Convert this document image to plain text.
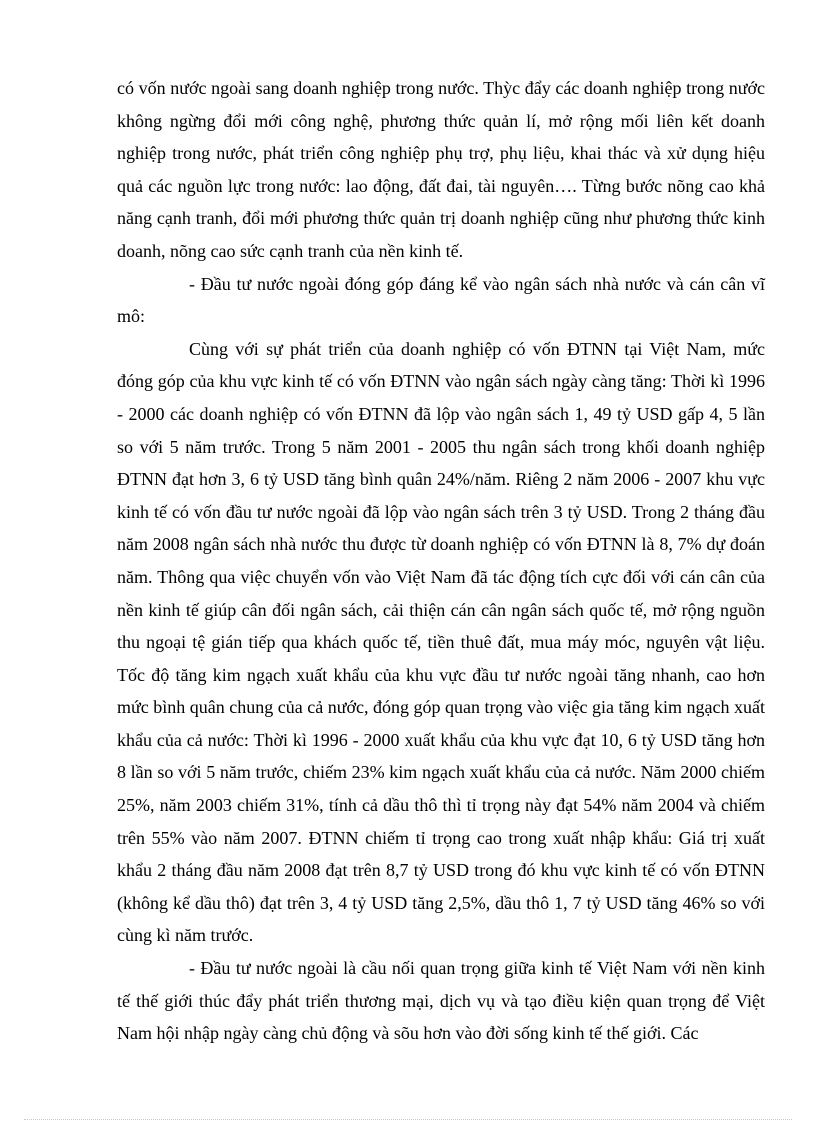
có vốn nước ngoài sang doanh nghiệp trong nước. Thỳc đẩy các doanh nghiệp trong nước không ngừng đổi mới công nghệ, phương thức quản lí, mở rộng mối liên kết doanh nghiệp trong nước, phát triển công nghiệp phụ trợ, phụ liệu, khai thác và xử dụng hiệu quả các nguồn lực trong nước: lao động, đất đai, tài nguyên…. Từng bước nõng cao khả năng cạnh tranh, đổi mới phương thức quản trị doanh nghiệp cũng như phương thức kinh doanh, nõng cao sức cạnh tranh của nền kinh tế.

- Đầu tư nước ngoài đóng góp đáng kể vào ngân sách nhà nước và cán cân vĩ mô:

Cùng với sự phát triển của doanh nghiệp có vốn ĐTNN tại Việt Nam, mức đóng góp của khu vực kinh tế có vốn ĐTNN vào ngân sách ngày càng tăng: Thời kì 1996 - 2000 các doanh nghiệp có vốn ĐTNN đã lộp vào ngân sách 1, 49 tỷ USD gấp 4, 5 lần so với 5 năm trước. Trong 5 năm 2001 - 2005 thu ngân sách trong khối doanh nghiệp ĐTNN đạt hơn 3, 6 tỷ USD tăng bình quân 24%/năm. Riêng 2 năm 2006 - 2007 khu vực kinh tế có vốn đầu tư nước ngoài đã lộp vào ngân sách trên 3 tỷ USD. Trong 2 tháng đầu năm 2008 ngân sách nhà nước thu được từ doanh nghiệp có vốn ĐTNN là 8, 7% dự đoán năm. Thông qua việc chuyển vốn vào Việt Nam đã tác động tích cực đối với cán cân của nền kinh tế giúp cân đối ngân sách, cải thiện cán cân ngân sách quốc tế, mở rộng nguồn thu ngoại tệ gián tiếp qua khách quốc tế, tiền thuê đất, mua máy móc, nguyên vật liệu. Tốc độ tăng kim ngạch xuất khẩu của khu vực đầu tư nước ngoài tăng nhanh, cao hơn mức bình quân chung của cả nước, đóng góp quan trọng vào việc gia tăng kim ngạch xuất khẩu của cả nước: Thời kì 1996 - 2000 xuất khẩu của khu vực đạt 10, 6 tỷ USD tăng hơn 8 lần so với 5 năm trước, chiếm 23% kim ngạch xuất khẩu của cả nước. Năm 2000 chiếm 25%, năm 2003 chiếm 31%, tính cả dầu thô thì tỉ trọng này đạt 54% năm 2004 và chiếm trên 55% vào năm 2007. ĐTNN chiếm tỉ trọng cao trong xuất nhập khẩu: Giá trị xuất khẩu 2 tháng đầu năm 2008 đạt trên 8,7 tỷ USD trong đó khu vực kinh tế có vốn ĐTNN (không kể dầu thô) đạt trên 3, 4 tỷ USD tăng 2,5%, dầu thô 1, 7 tỷ USD tăng 46% so với cùng kì năm trước.

- Đầu tư nước ngoài là cầu nối quan trọng giữa kinh tế Việt Nam với nền kinh tế thế giới thúc đẩy phát triển thương mại, dịch vụ và tạo điều kiện quan trọng để Việt Nam hội nhập ngày càng chủ động và sõu hơn vào đời sống kinh tế thế giới. Các
